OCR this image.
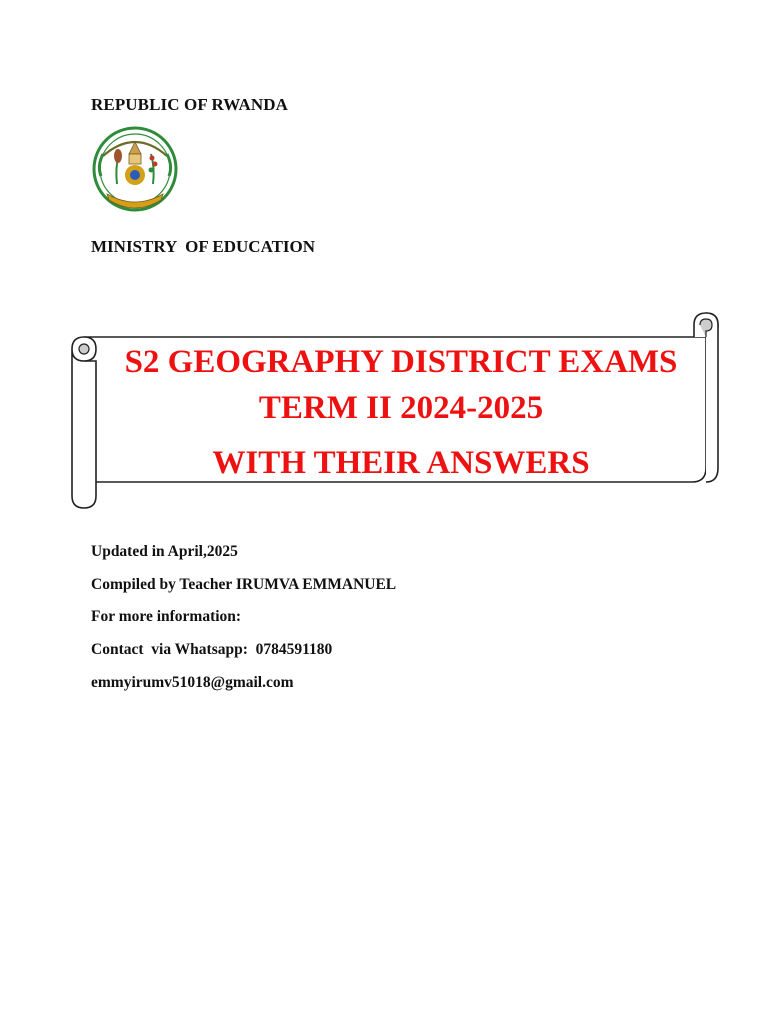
REPUBLIC OF RWANDA
MINISTRY  OF EDUCATION
S2 GEOGRAPHY DISTRICT EXAMS
TERM II 2024-2025
WITH THEIR ANSWERS
Updated in April,2025
Compiled by Teacher IRUMVA EMMANUEL
For more information:
Contact  via Whatsapp:  0784591180
emmyirumv51018@gmail.com
